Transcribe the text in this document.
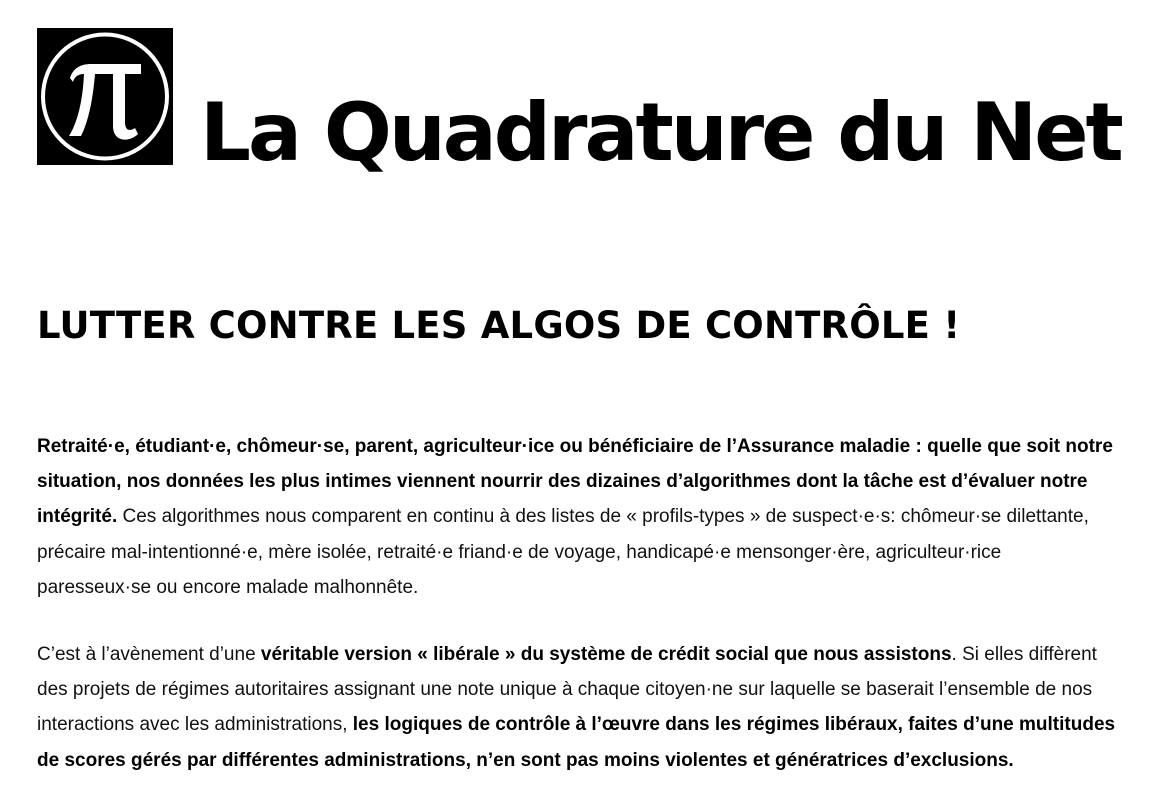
La Quadrature du Net
LUTTER CONTRE LES ALGOS DE CONTRÔLE !

Retraité·e, étudiant·e, chômeur·se, parent, agriculteur·ice ou bénéficiaire de l’Assurance maladie : quelle que soit notre situation, nos données les plus intimes viennent nourrir des dizaines d’algorithmes dont la tâche est d’évaluer notre intégrité. Ces algorithmes nous comparent en continu à des listes de « profils-types » de suspect·e·s: chômeur·se dilettante, précaire mal-intentionné·e, mère isolée, retraité·e friand·e de voyage, handicapé·e mensonger·ère, agriculteur·rice paresseux·se ou encore malade malhonnête.

C’est à l’avènement d’une véritable version « libérale » du système de crédit social que nous assistons. Si elles diffèrent des projets de régimes autoritaires assignant une note unique à chaque citoyen·ne sur laquelle se baserait l’ensemble de nos interactions avec les administrations, les logiques de contrôle à l’œuvre dans les régimes libéraux, faites d’une multitudes de scores gérés par différentes administrations, n’en sont pas moins violentes et génératrices d’exclusions.
